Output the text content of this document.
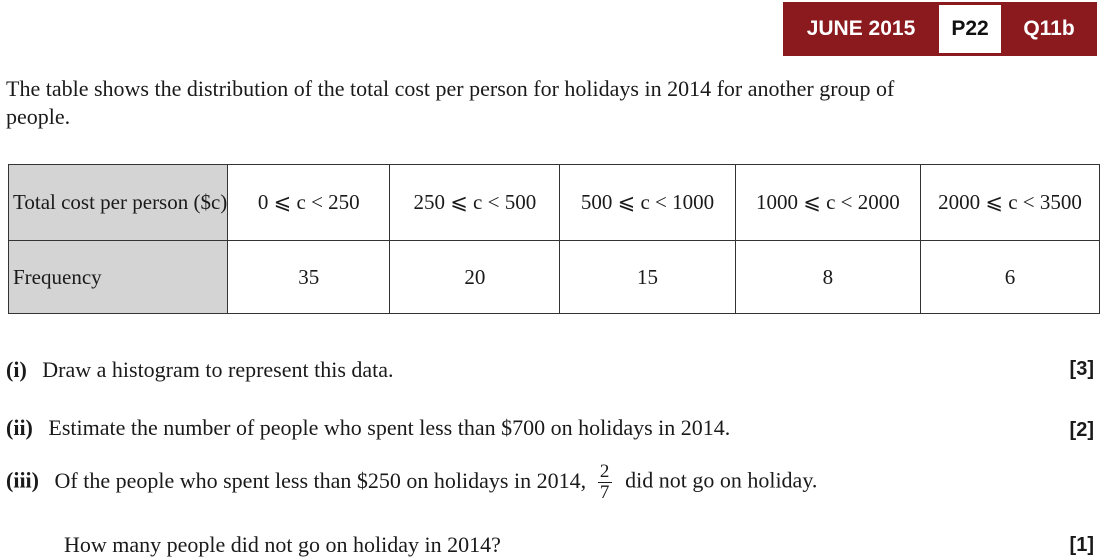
JUNE 2015	P22	Q11b

The table shows the distribution of the total cost per person for holidays in 2014 for another group of people.

Total cost per person ($c)	0 ⩽ c < 250	250 ⩽ c < 500	500 ⩽ c < 1000	1000 ⩽ c < 2000	2000 ⩽ c < 3500
Frequency	35	20	15	8	6
(i) Draw a histogram to represent this data.	[3]
(ii) Estimate the number of people who spent less than $700 on holidays in 2014.	[2]
(iii) Of the people who spent less than $250 on holidays in 2014, $\frac{2}{7}$ did not go on holiday.
How many people did not go on holiday in 2014?	[1]
